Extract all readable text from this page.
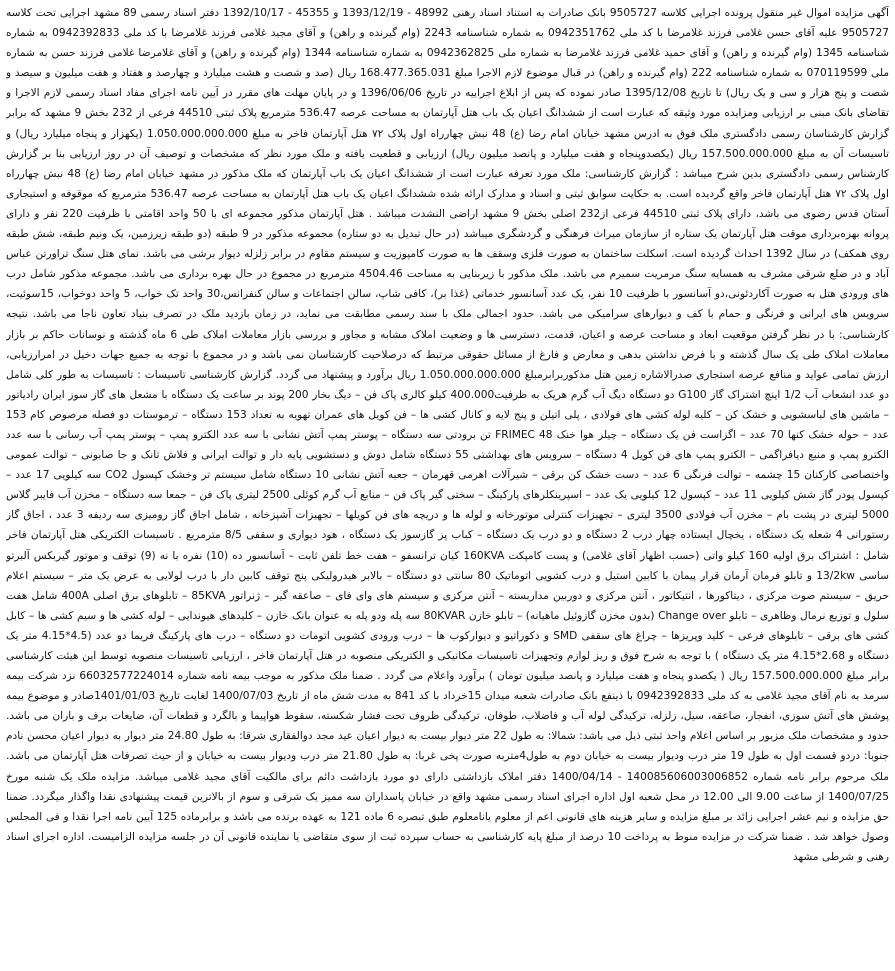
آگهی مزایده اموال غیر منقول پرونده اجرایی کلاسه 9505727 بانک صادرات به استناد اسناد رهنی 48992 - 1393/12/19 و 45355 - 1392/10/17 دفتر اسناد رسمی 89 مشهد اجرایی تحت کلاسه 9505727 علیه آقای حسن غلامی فرزند غلامرضا با کد ملی 0942351762 به شماره شناسنامه 2243 (وام گیرنده و راهن) و آقای مجید غلامی فرزند غلامرضا با کد ملی 0942392833 به شماره شناسنامه 1345 (وام گیرنده و راهن) و آقای حمید غلامی فرزند غلامرضا به شماره ملی 0942362825 به شماره شناسنامه 1344 (وام گیرنده و راهن) و آقای غلامرضا غلامی فرزند حسن به شماره ملی 070119599 به شماره شناسنامه 222 (وام گیرنده و راهن) در قبال موضوع لازم الاجرا مبلغ 168.477.365.031 ریال (صد و شصت و هشت میلیارد و چهارصد و هفتاد و هفت میلیون و سیصد و شصت و پنج هزار و سی و یک ریال) تا تاریخ 1395/12/08 صادر نموده که پس از ابلاغ اجراییه در تاریخ 1396/06/06 و در پایان مهلت های مقرر در آیین نامه اجرای مفاد اسناد رسمی لازم الاجرا و تقاضای بانک مبنی بر ارزیابی ومزایده مورد وثیقه که عبارت است از ششدانگ اعیان یک باب هتل آپارتمان به مساحت عرصه 536.47 مترمربع پلاک ثبتی 44510 فرعی از 232 بخش 9 مشهد که برابر گزارش کارشناسان رسمی دادگستری ملک فوق به ادرس مشهد خیابان امام رضا (ع) 48 نبش چهارراه اول پلاک ۷۲ هتل آپارتمان فاخر به مبلغ 1.050.000.000.000 (یکهزار و پنجاه میلیارد ریال) و تاسیسات آن به مبلغ 157.500.000.000 ریال (یکصدوپنجاه و هفت میلیارد و پانصد میلیون ریال) ارزیابی و قطعیت یافته و ملک مورد نظر که مشخصات و توصیف آن در روز ارزیابی بنا بر گزارش کارشناس رسمی دادگستری بدین شرح میباشد : گزارش کارشناسی: ملک مورد تعرفه عبارت است از ششدانگ اعیان یک باب آپارتمان که ملک مذکور در مشهد خیابان امام رضا (ع) 48 نبش چهارراه اول پلاک ۷۲ هتل آپارتمان فاخر واقع گردیده است. به حکایت سوابق ثبتی و اسناد و مدارک ارائه شده ششدانگ اعیان یک باب هتل آپارتمان به مساحت عرصه 536.47 مترمربع که موقوفه و استیجاری آستان قدس رضوی می باشد، دارای پلاک ثبتی 44510 فرعی از232 اصلی بخش 9 مشهد اراضی النشدت میباشد . هتل آپارتمان مذکور مجموعه ای با 50 واحد اقامتی با ظرفیت 220 نفر و دارای پروانه بهره‌برداری موقت هتل آپارتمان یک ستاره از سازمان میراث فرهنگی و گردشگری میباشد (در حال تبدیل به دو ستاره) مجموعه مذکور در 9 طبقه (دو طبقه زیرزمین، یک ونیم طبقه، شش طبقه روی همکف) در سال 1392 احداث گردیده است. اسکلت ساختمان به صورت فلزی وسقف ها به صورت کامپوزیت و سیستم مقاوم در برابر زلزله دیوار برشی می باشد. نمای هتل سنگ تراورتن عباس آباد و در ضلع شرقی مشرف به همسایه سنگ مرمریت سمیرم می باشد. ملک مذکور با زیربنایی به مساحت 4504.46 مترمربع در مجموع در حال بهره برداری می باشد. مجموعه مذکور شامل درب های ورودی هتل به صورت آکاردئونی،دو آسانسور با ظرفیت 10 نفر، یک عدد آسانسور خدماتی (غذا بر)، کافی شاپ، سالن اجتماعات و سالن کنفرانس،30 واحد تک خواب، 5 واحد دوخواب، 15سوئیت، سرویس های ایرانی و فرنگی و حمام با کف و دیوارهای سرامیکی می باشد. حدود اجمالی ملک با سند رسمی مطابقت می نماید، در زمان بازدید ملک در تصرف بنیاد تعاون ناجا می باشد. نتیجه کارشناسی: با در نظر گرفتن موقعیت ابعاد و مساحت عرصه و اعیان، قدمت، دسترسی ها و وضعیت املاک مشابه و مجاور و بررسی بازار معاملات املاک طی 6 ماه گذشته و نوسانات حاکم بر بازار معاملات املاک طی یک سال گذشته و با فرض نداشتن بدهی و معارض و فارغ از مسائل حقوقی مرتبط که درصلاحیت کارشناسان نمی باشد و در مجموع با توجه به جمیع جهات دخیل در امرارزیابی، ارزش تمامی عواید و منافع عرصه استجاری صدرالاشاره زمین هتل مذکوربرابرمبلغ 1.050.000.000.000 ریال برآورد و پیشنهاد می گردد. گزارش کارشناسی تاسیسات : تاسیسات به طور کلی شامل دو عدد انشعاب آب 1/2 اینچ اشتراک گاز G100 دو دستگاه دیگ آب گرم هریک به ظرفیت400.000 کیلو کالری پاک فن – دیگ بخار 200 پوند بر ساعت یک دستگاه با مشعل های گاز سوز ایران رادیاتور – ماشین های لباسشویی و خشک کن – کلیه لوله کشی های فولادی ، پلی اتیلن و پنج لایه و کانال کشی ها – فن کویل های عمران تهویه به تعداد 153 دستگاه – ترموستات دو فصله مرصوص کام 153 عدد – حوله خشک کنها 70 عدد – اگزاست فن یک دستگاه – چیلر هوا خنک FRIMEC 48 تن برودتی سه دستگاه – پوستر پمپ آتش نشانی با سه عدد الکترو پمپ – پوستر پمپ آب رسانی با سه عدد الکترو پمپ و منبع دیافراگمی – الکترو پمپ های فن کویل 4 دستگاه – سرویس های بهداشتی 55 دستگاه شامل دوش و دستشویی پایه دار و توالت ایرانی و فلاش تانک و جا صابونی – توالت عمومی واختصاصی کارکنان 15 چشمه – توالت فرنگی 6 عدد – دست خشک کن برقی – شیرآلات اهرمی قهرمان – جعبه آتش نشانی 10 دستگاه شامل سیستم تر وخشک کپسول CO2 سه کیلویی 17 عدد – کپسول پودر گاز شش کیلویی 11 عدد – کپسول 12 کیلویی یک عدد – اسپرینکلرهای پارکینگ – سختی گیر پاک فن – منابع آب گرم کوئلی 2500 لیتری پاک فن – جمعا سه دستگاه – مخزن آب فایبر گلاس 5000 لیتری در پشت بام – مخزن آب فولادی 3500 لیتری – تجهیزات کنترلی موتورخانه و لوله ها و دریچه های فن کویلها – تجهیزات آشپزخانه ، شامل اجاق گاز رومیزی سه ردیفه 3 عدد ، اجاق گاز رستورانی 4 شعله یک دستگاه ، یخچال ایستاده چهار درب 2 دستگاه و دو درب یک دستگاه – کباب پز گازسوز یک دستگاه ، هود دیواری و سقفی 8/5 مترمربع . تاسیسات الکتریکی هتل آپارتمان فاخر شامل : اشتراک برق اولیه 160 کیلو واتی (حسب اظهار آقای غلامی) و پست کامپکت 160KVA کیان ترانسفو – هفت خط تلفن ثابت – آسانسور ده (10) نفره با نه (9) توقف و موتور گیربکس آلبرتو ساسی 13/2kw و تابلو فرمان آرمان قرار پیمان با کابین استیل و درب کشویی اتوماتیک 80 سانتی دو دستگاه – بالابر هیدرولیکی پنج توقف کابین دار با درب لولایی به عرض یک متر – سیستم اعلام حریق – سیستم صوت مرکزی ، دیتاکورها ، انتیکاتور ، آنتن مرکزی و دوربین مداربسته – آنتن مرکزی و سیستم های وای فای – صاعقه گیر – ژنراتور 85KVA – تابلوهای برق اصلی 400A شامل هفت سلول و توزیع نرمال وظاهری – تابلو Change over (بدون مخزن گازوئیل ماهیانه) – تابلو خازن 80KVAR سه پله ودو پله به عنوان بانک خازن – کلیدهای هیوندایی – لوله کشی ها و سیم کشی ها – کابل کشی های برقی – تابلوهای فرعی – کلید وپریزها – چراغ های سقفی SMD و دکوراتیو و دیوارکوب ها – درب ورودی کشویی اتومات دو دستگاه – درب های پارکینگ فریما دو عدد (4.5*4.15 متر یک دستگاه و 2.68*4.15 متر یک دستگاه ) با توجه به شرح فوق و ریز لوازم وتجهیزات تاسیسات مکانیکی و الکتریکی منصوبه در هتل آپارتمان فاخر ، ارزیابی تاسیسات منصوبه توسط این هیئت کارشناسی برابر مبلغ 157.500.000.000 ریال ( یکصدو پنجاه و هفت میلیارد و پانصد میلیون تومان ) برآورد واعلام می گردد . ضمنا ملک مذکور به موجب بیمه نامه شماره 66032577224014 نزد شرکت بیمه سرمد به نام آقای مجید غلامی به کد ملی 0942392833 با ذینفع بانک صادرات شعبه میدان 15خرداد با کد 841 به مدت شش ماه از تاریخ 1400/07/03 لغایت تاریخ 1401/01/03صادر و موضوع بیمه پوشش های آتش سوزی، انفجار، صاعقه، سیل، زلزله، ترکیدگی لوله آب و فاضلاب، طوفان، ترکیدگی ظروف تحت فشار شکسته، سقوط هواپیما و بالگرد و قطعات آن، ضایعات برف و باران می باشد. حدود و مشخصات ملک مزبور بر اساس اعلام واحد ثبتی ذیل می باشد: شمالا: به طول 22 متر دیوار بیست به دیوار اعیان عید مجد دوالفقاری شرقا: به طول 24.80 متر دیوار به دیوار اعیان محسن نادم جنوبا: دردو قسمت اول به طول 19 متر درب ودیوار بیست به خیابان دوم به طول4متربه صورت پخی غربا: به طول 21.80 متر درب ودیوار بیست به خیابان و از حیث تصرفات هتل آپارتمان می باشد. ملک مرحوم برابر نامه شماره 140085606003006852 - 1400/04/14 دفتر املاک بازداشتی دارای دو مورد بازداشت دائم برای مالکیت آقای مجید غلامی میباشد. مزایده ملک یک شنبه مورخ 1400/07/25 از ساعت 9.00 الی 12.00 در محل شعبه اول اداره اجرای اسناد رسمی مشهد واقع در خیابان پاسداران سه ممیز یک شرقی و سوم از بالاترین قیمت پیشنهادی نقدا واگذار میگردد. ضمنا حق مزایده و نیم عشر اجرایی زائد بر مبلغ مزایده و سایر هزینه های قانونی اعم از معلوم یانامعلوم طبق تبصره 6 ماده 121 به عهده برنده می باشد و برابرماده 125 آیین نامه اجرا نقدا و فی المجلس وصول خواهد شد . ضمنا شرکت در مزایده منوط به پرداخت 10 درصد از مبلغ پایه کارشناسی به حساب سپرده ثبت از سوی متقاضی یا نماینده قانونی آن در جلسه مزایده الزامیست. اداره اجرای اسناد رهنی و شرطی مشهد
